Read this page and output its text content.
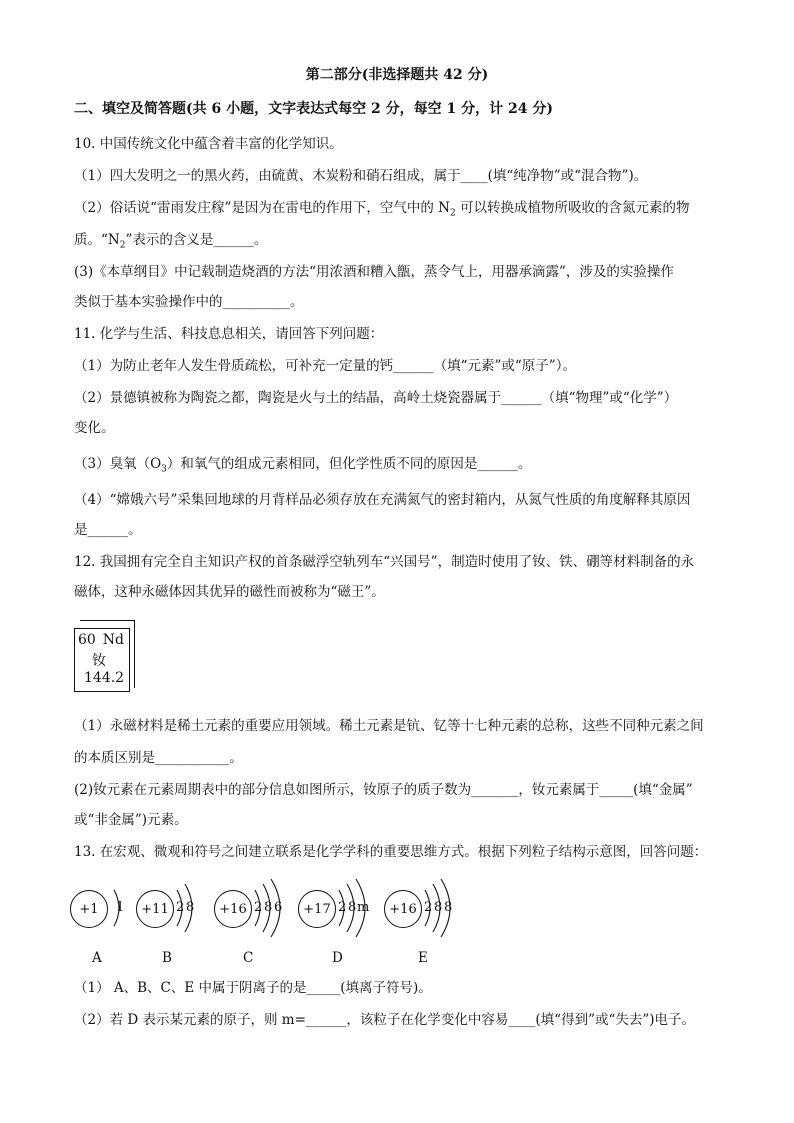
第二部分(非选择题共 42 分)
二、填空及简答题(共 6 小题，文字表达式每空 2 分，每空 1 分，计 24 分)
10. 中国传统文化中蕴含着丰富的化学知识。
（1）四大发明之一的黑火药，由硫黄、木炭粉和硝石组成，属于____(填“纯净物”或“混合物”)。
（2）俗话说“雷雨发庄稼”是因为在雷电的作用下，空气中的 $N_2$ 可以转换成植物所吸收的含氮元素的物
质。“$N_2$”表示的含义是______。
(3)《本草纲目》中记载制造烧酒的方法“用浓酒和糟入甑，蒸令气上，用器承滴露”，涉及的实验操作
类似于基本实验操作中的__________。
11. 化学与生活、科技息息相关，请回答下列问题：
（1）为防止老年人发生骨质疏松，可补充一定量的钙______（填“元素”或“原子”）。
（2）景德镇被称为陶瓷之都，陶瓷是火与土的结晶，高岭土烧瓷器属于______（填“物理”或“化学”）
变化。
（3）臭氧$(O_3)$和氧气的组成元素相同，但化学性质不同的原因是______。
（4）“嫦娥六号”采集回地球的月背样品必须存放在充满氮气的密封箱内，从氮气性质的角度解释其原因
是______。
12. 我国拥有完全自主知识产权的首条磁浮空轨列车“兴国号”，制造时使用了钕、铁、硼等材料制备的永
磁体，这种永磁体因其优异的磁性而被称为“磁王”。
60 Nd
钕
144.2
（1）永磁材料是稀土元素的重要应用领域。稀土元素是钪、钇等十七种元素的总称，这些不同种元素之间
的本质区别是___________。
(2)钕元素在元素周期表中的部分信息如图所示，钕原子的质子数为_______，钕元素属于_____(填“金属”
或“非金属”)元素。
13. 在宏观、微观和符号之间建立联系是化学学科的重要思维方式。根据下列粒子结构示意图，回答问题：
+1	1	+11 2 8	+16 2 8 6	+17 2 8 m	+16 2 8 8
A	B	C	D	E
（1） A、B、C、E 中属于阴离子的是_____(填离子符号)。
（2）若 D 表示某元素的原子，则 m=______，该粒子在化学变化中容易____(填“得到”或“失去”)电子。
